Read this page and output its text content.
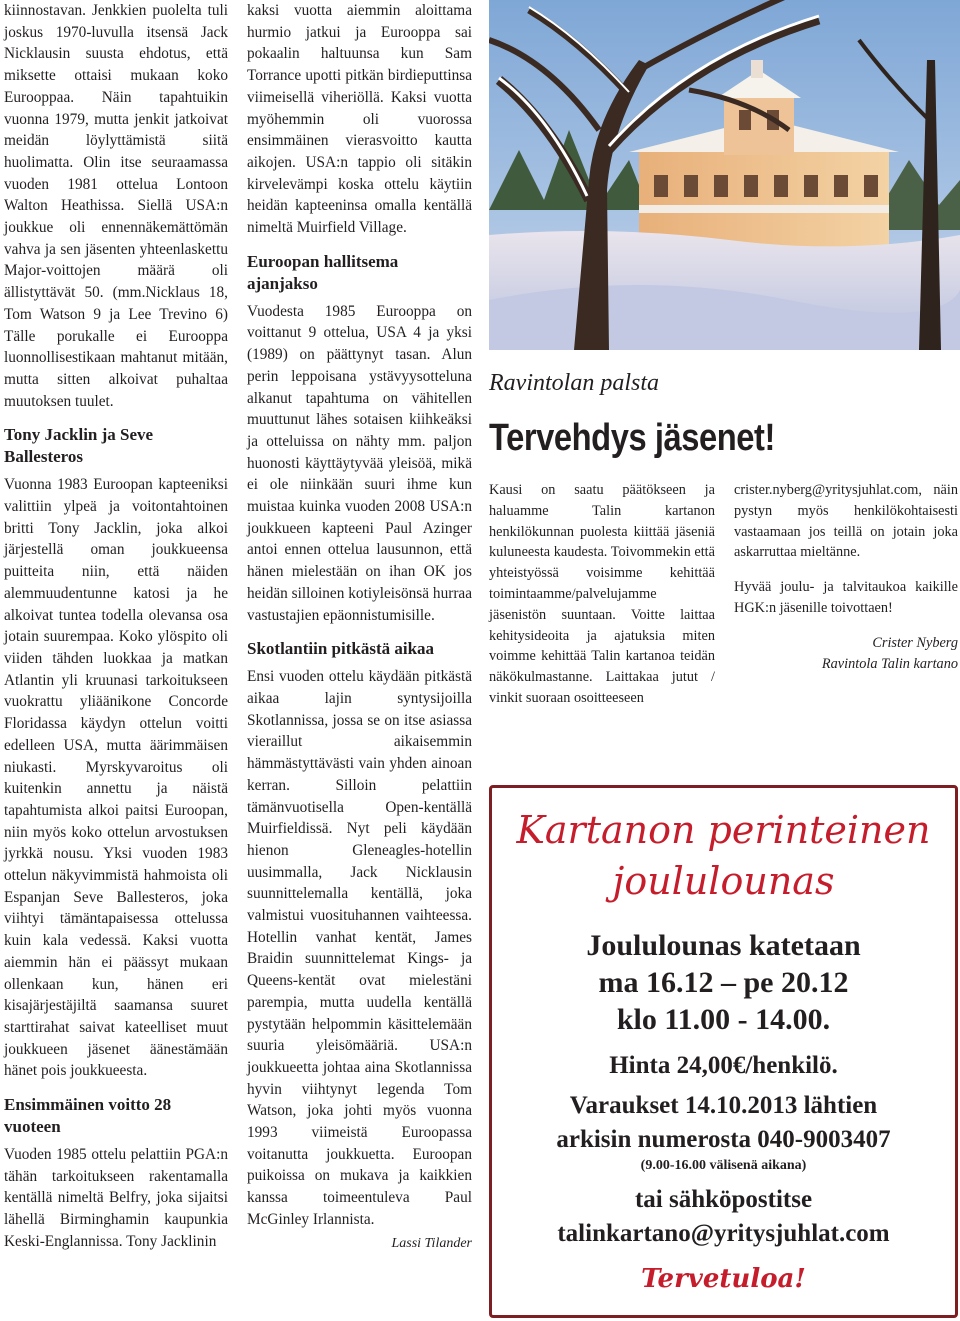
kiinnostavan. Jenkkien puolelta tuli joskus 1970-luvulla itsensä Jack Nicklausin suusta ehdotus, että miksette ottaisi mukaan koko Eurooppaa. Näin tapahtuikin vuonna 1979, mutta jenkit jatkoivat meidän löylyttämistä siitä huolimatta. Olin itse seuraamassa vuoden 1981 ottelua Lontoon Walton Heathissa. Siellä USA:n joukkue oli ennennäkemättömän vahva ja sen jäsenten yhteenlaskettu Major-voittojen määrä oli ällistyttävät 50. (mm.Nicklaus 18, Tom Watson 9 ja Lee Trevino 6) Tälle porukalle ei Eurooppa luonnollisestikaan mahtanut mitään, mutta sitten alkoivat puhaltaa muutoksen tuulet.

Tony Jacklin ja Seve Ballesteros

Vuonna 1983 Euroopan kapteeniksi valittiin ylpeä ja voitontahtoinen britti Tony Jacklin, joka alkoi järjestellä oman joukkueensa puitteita niin, että näiden alemmuudentunne katosi ja he alkoivat tuntea todella olevansa osa jotain suurempaa. Koko ylöspito oli viiden tähden luokkaa ja matkan Atlantin yli kruunasi tarkoitukseen vuokrattu yliäänikone Concorde Floridassa käydyn ottelun voitti edelleen USA, mutta äärimmäisen niukasti. Myrskyvaroitus oli kuitenkin annettu ja näistä tapahtumista alkoi paitsi Euroopan, niin myös koko ottelun arvostuksen jyrkkä nousu. Yksi vuoden 1983 ottelun näkyvimmistä hahmoista oli Espanjan Seve Ballesteros, joka viihtyi tämäntapaisessa ottelussa kuin kala vedessä. Kaksi vuotta aiemmin hän ei päässyt mukaan ollenkaan kun, hänen eri kisajärjestäjiltä saamansa suuret starttirahat saivat kateelliset muut joukkueen jäsenet äänestämään hänet pois joukkueesta.

Ensimmäinen voitto 28 vuoteen

Vuoden 1985 ottelu pelattiin PGA:n tähän tarkoitukseen rakentamalla kentällä nimeltä Belfry, joka sijaitsi lähellä Birminghamin kaupunkia Keski-Englannissa. Tony Jacklinin

kaksi vuotta aiemmin aloittama hurmio jatkui ja Eurooppa sai pokaalin haltuunsa kun Sam Torrance upotti pitkän birdieputtinsa viimeisellä viheriöllä. Kaksi vuotta myöhemmin oli vuorossa ensimmäinen vierasvoitto kautta aikojen. USA:n tappio oli sitäkin kirvelevämpi koska ottelu käytiin heidän kapteeninsa omalla kentällä nimeltä Muirfield Village.

Euroopan hallitsema ajanjakso

Vuodesta 1985 Eurooppa on voittanut 9 ottelua, USA 4 ja yksi (1989) on päättynyt tasan. Alun perin leppoisana ystävyysotteluna alkanut tapahtuma on vähitellen muuttunut lähes sotaisen kiihkeäksi ja otteluissa on nähty mm. paljon huonosti käyttäytyvää yleisöä, mikä ei ole niinkään suuri ihme kun muistaa kuinka vuoden 2008 USA:n joukkueen kapteeni Paul Azinger antoi ennen ottelua lausunnon, että hänen mielestään on ihan OK jos heidän silloinen kotiyleisönsä hurraa vastustajien epäonnistumisille.

Skotlantiin pitkästä aikaa

Ensi vuoden ottelu käydään pitkästä aikaa lajin syntysijoilla Skotlannissa, jossa se on itse asiassa vieraillut aikaisemmin hämmästyttävästi vain yhden ainoan kerran. Silloin pelattiin tämänvuotisella Open-kentällä Muirfieldissä. Nyt peli käydään hienon Gleneagles-hotellin uusimmalla, Jack Nicklausin suunnittelemalla kentällä, joka valmistui vuosituhannen vaihteessa. Hotellin vanhat kentät, James Braidin suunnittelemat Kings- ja Queens-kentät ovat mielestäni parempia, mutta uudella kentällä pystytään helpommin käsittelemään suuria yleisömääriä. USA:n joukkueetta johtaa aina Skotlannissa hyvin viihtynyt legenda Tom Watson, joka johti myös vuonna 1993 viimeistä Euroopassa voitanutta joukkuetta. Euroopan puikoissa on mukava ja kaikkien kanssa toimeentuleva Paul McGinley Irlannista.

Lassi Tilander

Ravintolan palsta
Tervehdys jäsenet!

Kausi on saatu päätökseen ja haluamme Talin kartanon henkilökunnan puolesta kiittää jäseniä kuluneesta kaudesta. Toivommekin että yhteistyössä voisimme kehittää toimintaamme/palvelujamme jäsenistön suuntaan. Voitte laittaa kehitysideoita ja ajatuksia miten voimme kehittää Talin kartanoa teidän näkökulmastanne. Laittakaa jutut / vinkit suoraan osoitteeseen

crister.nyberg@yritysjuhlat.com, näin pystyn myös henkilökohtaisesti vastaamaan jos teillä on jotain joka askarruttaa mieltänne.

Hyvää joulu- ja talvitaukoa kaikille HGK:n jäsenille toivottaen!

Crister Nyberg

Ravintola Talin kartano

Kartanon perinteinen
joululounas
Joululounas katetaan
ma 16.12 – pe 20.12
klo 11.00 - 14.00.
Hinta 24,00€/henkilö.
Varaukset 14.10.2013 lähtien
arkisin numerosta 040-9003407
(9.00-16.00 välisenä aikana)
tai sähköpostitse
talinkartano@yritysjuhlat.com
Tervetuloa!
